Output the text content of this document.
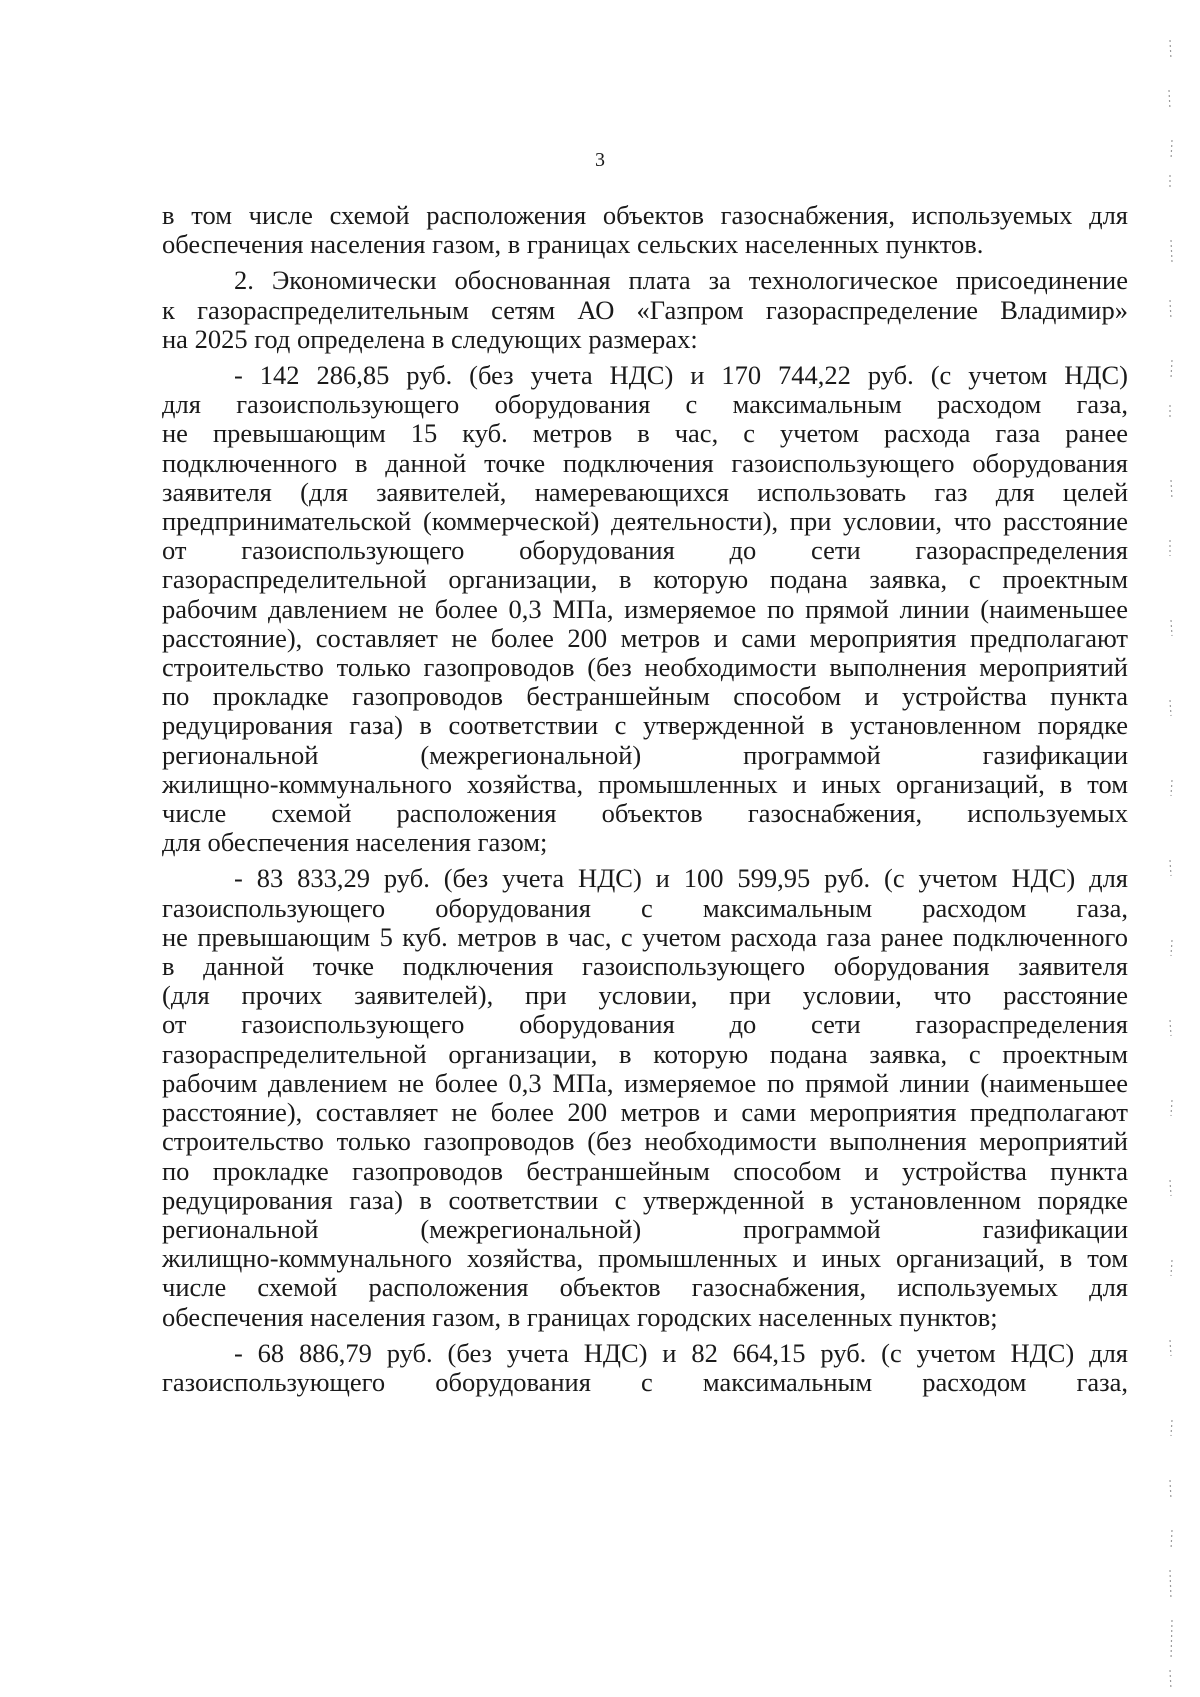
3
в том числе схемой расположения объектов газоснабжения, используемых для
обеспечения населения газом, в границах сельских населенных пунктов.
2. Экономически обоснованная плата за технологическое присоединение
к газораспределительным сетям АО «Газпром газораспределение Владимир»
на 2025 год определена в следующих размерах:
- 142 286,85 руб. (без учета НДС) и 170 744,22 руб. (с учетом НДС)
для газоиспользующего оборудования с максимальным расходом газа,
не превышающим 15 куб. метров в час, с учетом расхода газа ранее
подключенного в данной точке подключения газоиспользующего оборудования
заявителя (для заявителей, намеревающихся использовать газ для целей
предпринимательской (коммерческой) деятельности), при условии, что расстояние
от газоиспользующего оборудования до сети газораспределения
газораспределительной организации, в которую подана заявка, с проектным
рабочим давлением не более 0,3 МПа, измеряемое по прямой линии (наименьшее
расстояние), составляет не более 200 метров и сами мероприятия предполагают
строительство только газопроводов (без необходимости выполнения мероприятий
по прокладке газопроводов бестраншейным способом и устройства пункта
редуцирования газа) в соответствии с утвержденной в установленном порядке
региональной (межрегиональной) программой газификации
жилищно-коммунального хозяйства, промышленных и иных организаций, в том
числе схемой расположения объектов газоснабжения, используемых
для обеспечения населения газом;
- 83 833,29 руб. (без учета НДС) и 100 599,95 руб. (с учетом НДС) для
газоиспользующего оборудования с максимальным расходом газа,
не превышающим 5 куб. метров в час, с учетом расхода газа ранее подключенного
в данной точке подключения газоиспользующего оборудования заявителя
(для прочих заявителей), при условии, при условии, что расстояние
от газоиспользующего оборудования до сети газораспределения
газораспределительной организации, в которую подана заявка, с проектным
рабочим давлением не более 0,3 МПа, измеряемое по прямой линии (наименьшее
расстояние), составляет не более 200 метров и сами мероприятия предполагают
строительство только газопроводов (без необходимости выполнения мероприятий
по прокладке газопроводов бестраншейным способом и устройства пункта
редуцирования газа) в соответствии с утвержденной в установленном порядке
региональной (межрегиональной) программой газификации
жилищно-коммунального хозяйства, промышленных и иных организаций, в том
числе схемой расположения объектов газоснабжения, используемых для
обеспечения населения газом, в границах городских населенных пунктов;
- 68 886,79 руб. (без учета НДС) и 82 664,15 руб. (с учетом НДС) для
газоиспользующего оборудования с максимальным расходом газа,
